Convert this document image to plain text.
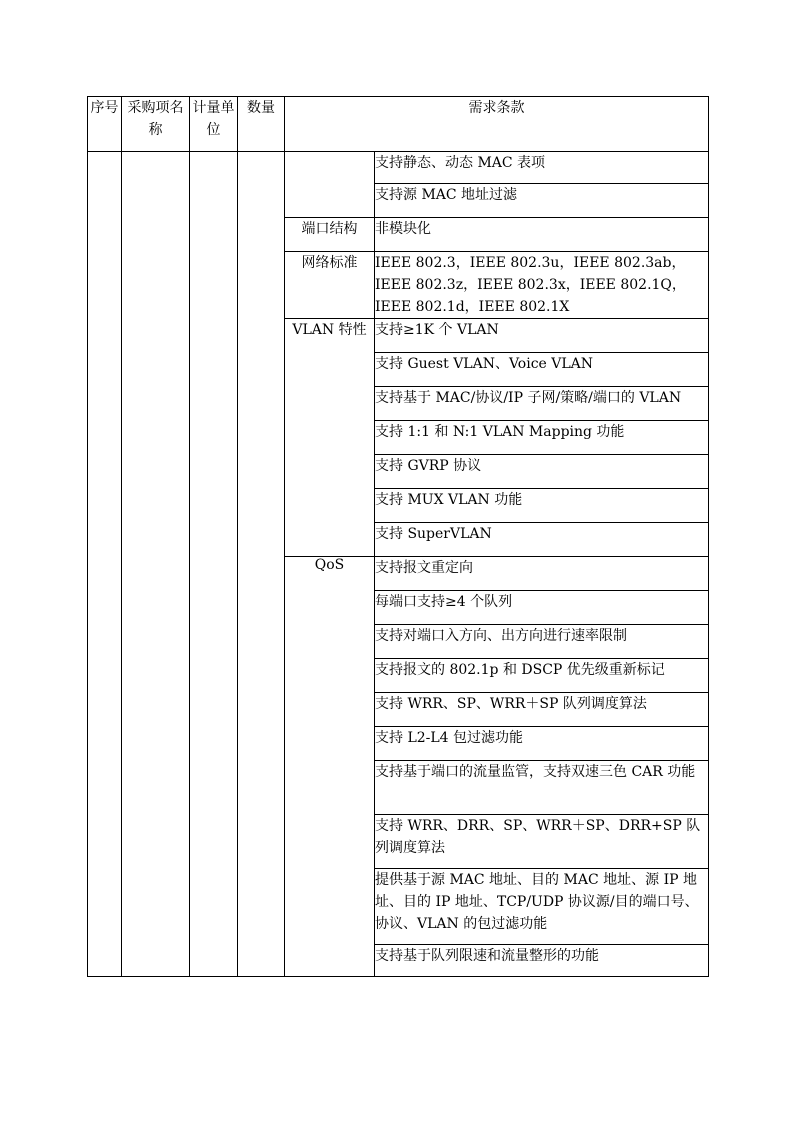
序号	采购项名称	计量单位	数量	需求条款	
					支持静态、动态 MAC 表项
					支持源 MAC 地址过滤
				端口结构	非模块化
				网络标准	IEEE 802.3，IEEE 802.3u，IEEE 802.3ab，IEEE 802.3z，IEEE 802.3x，IEEE 802.1Q，IEEE 802.1d，IEEE 802.1X
				VLAN 特性	支持≥1K 个 VLAN
					支持 Guest VLAN、Voice VLAN
					支持基于 MAC/协议/IP 子网/策略/端口的 VLAN
					支持 1:1 和 N:1 VLAN Mapping 功能
					支持 GVRP 协议
					支持 MUX VLAN 功能
					支持 SuperVLAN
				QoS	支持报文重定向
					每端口支持≥4 个队列
					支持对端口入方向、出方向进行速率限制
					支持报文的 802.1p 和 DSCP 优先级重新标记
					支持 WRR、SP、WRR＋SP 队列调度算法
					支持 L2-L4 包过滤功能
					支持基于端口的流量监管，支持双速三色 CAR 功能
					支持 WRR、DRR、SP、WRR＋SP、DRR+SP 队列调度算法
					提供基于源 MAC 地址、目的 MAC 地址、源 IP 地址、目的 IP 地址、TCP/UDP 协议源/目的端口号、协议、VLAN 的包过滤功能
					支持基于队列限速和流量整形的功能
